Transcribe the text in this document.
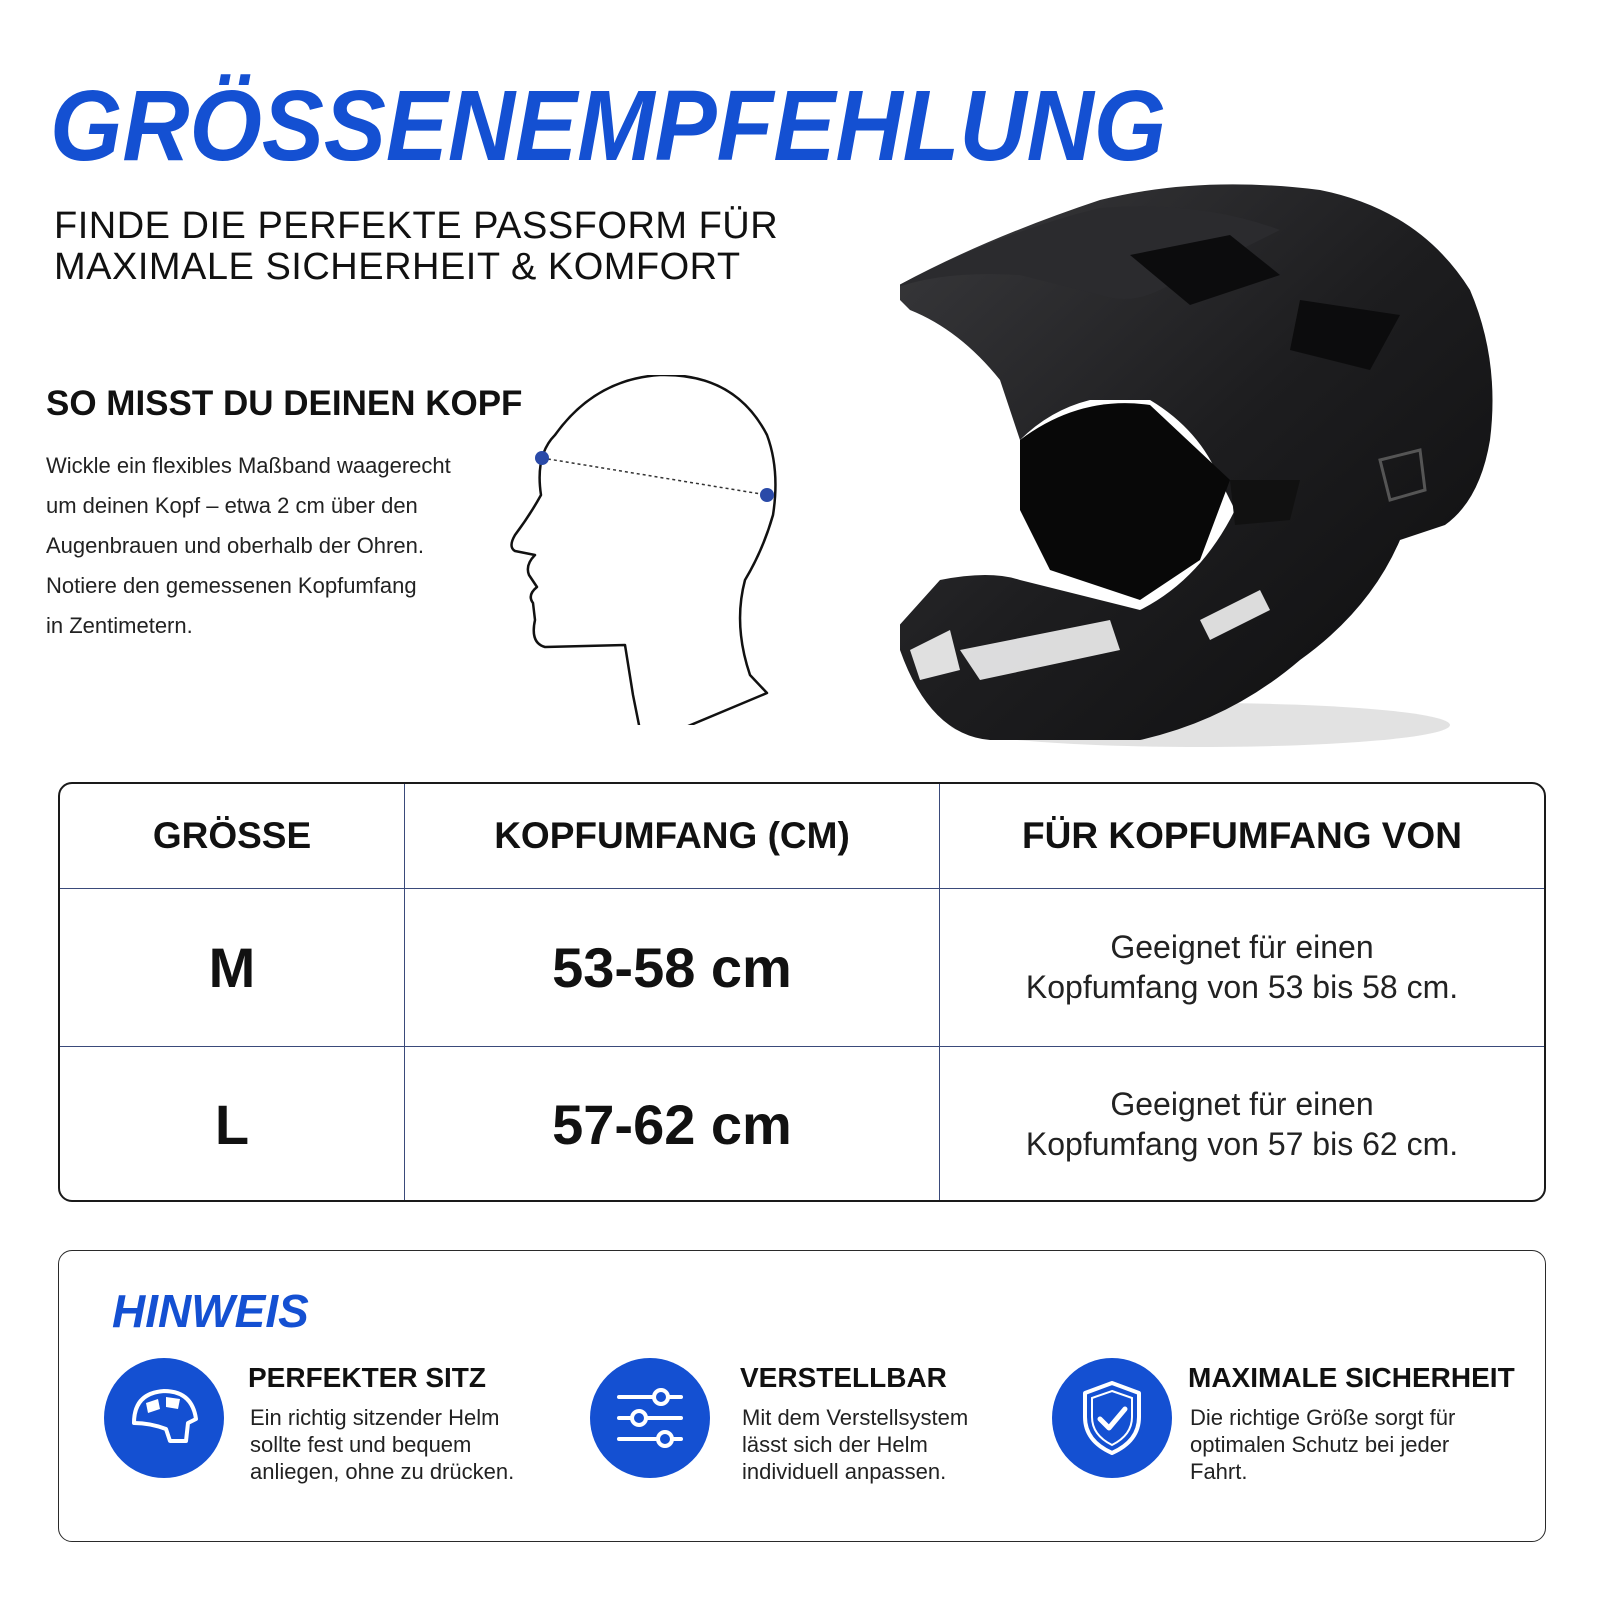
GRÖSSENEMPFEHLUNG
FINDE DIE PERFEKTE PASSFORM FÜR
MAXIMALE SICHERHEIT & KOMFORT
SO MISST DU DEINEN KOPF
Wickle ein flexibles Maßband waagerecht
um deinen Kopf – etwa 2 cm über den
Augenbrauen und oberhalb der Ohren.
Notiere den gemessenen Kopfumfang
in Zentimetern.
GRÖSSE	KOPFUMFANG (CM)	FÜR KOPFUMFANG VON
M	53-58 cm	Geeignet für einen
Kopfumfang von 53 bis 58 cm.
L	57-62 cm	Geeignet für einen
Kopfumfang von 57 bis 62 cm.
HINWEIS
PERFEKTER SITZ
Ein richtig sitzender Helm
sollte fest und bequem
anliegen, ohne zu drücken.
VERSTELLBAR
Mit dem Verstellsystem
lässt sich der Helm
individuell anpassen.
MAXIMALE SICHERHEIT
Die richtige Größe sorgt für
optimalen Schutz bei jeder
Fahrt.
